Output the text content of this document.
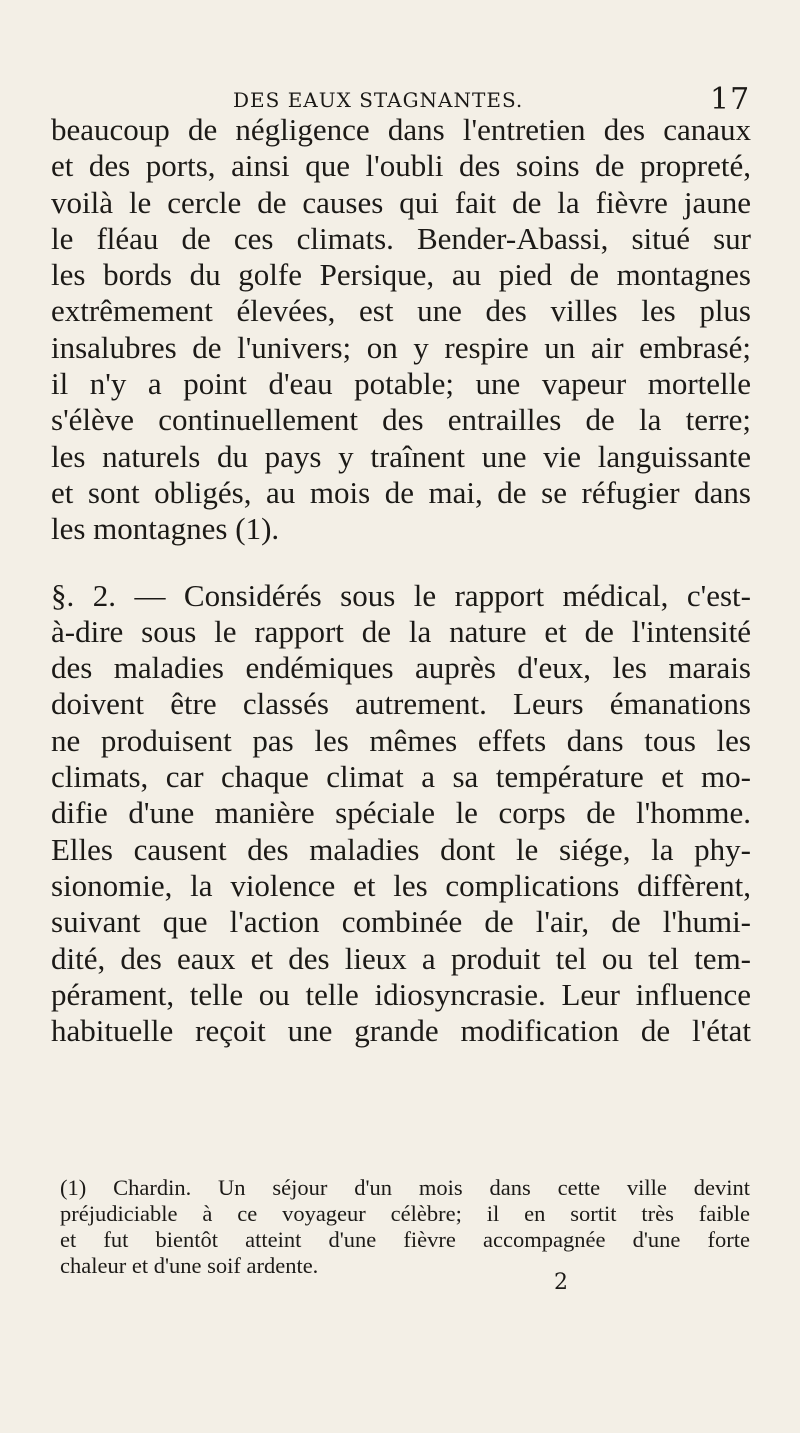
DES EAUX STAGNANTES.	17
beaucoup de négligence dans l'entretien des canaux
et des ports, ainsi que l'oubli des soins de propreté,
voilà le cercle de causes qui fait de la fièvre jaune
le fléau de ces climats. Bender-Abassi, situé sur
les bords du golfe Persique, au pied de montagnes
extrêmement élevées, est une des villes les plus
insalubres de l'univers; on y respire un air embrasé;
il n'y a point d'eau potable; une vapeur mortelle
s'élève continuellement des entrailles de la terre;
les naturels du pays y traînent une vie languissante
et sont obligés, au mois de mai, de se réfugier dans
les montagnes (1).
§. 2. — Considérés sous le rapport médical, c'est-
à-dire sous le rapport de la nature et de l'intensité
des maladies endémiques auprès d'eux, les marais
doivent être classés autrement. Leurs émanations
ne produisent pas les mêmes effets dans tous les
climats, car chaque climat a sa température et mo-
difie d'une manière spéciale le corps de l'homme.
Elles causent des maladies dont le siége, la phy-
sionomie, la violence et les complications diffèrent,
suivant que l'action combinée de l'air, de l'humi-
dité, des eaux et des lieux a produit tel ou tel tem-
pérament, telle ou telle idiosyncrasie. Leur influence
habituelle reçoit une grande modification de l'état
(1) Chardin. Un séjour d'un mois dans cette ville devint
préjudiciable à ce voyageur célèbre; il en sortit très faible
et fut bientôt atteint d'une fièvre accompagnée d'une forte
chaleur et d'une soif ardente.
2
